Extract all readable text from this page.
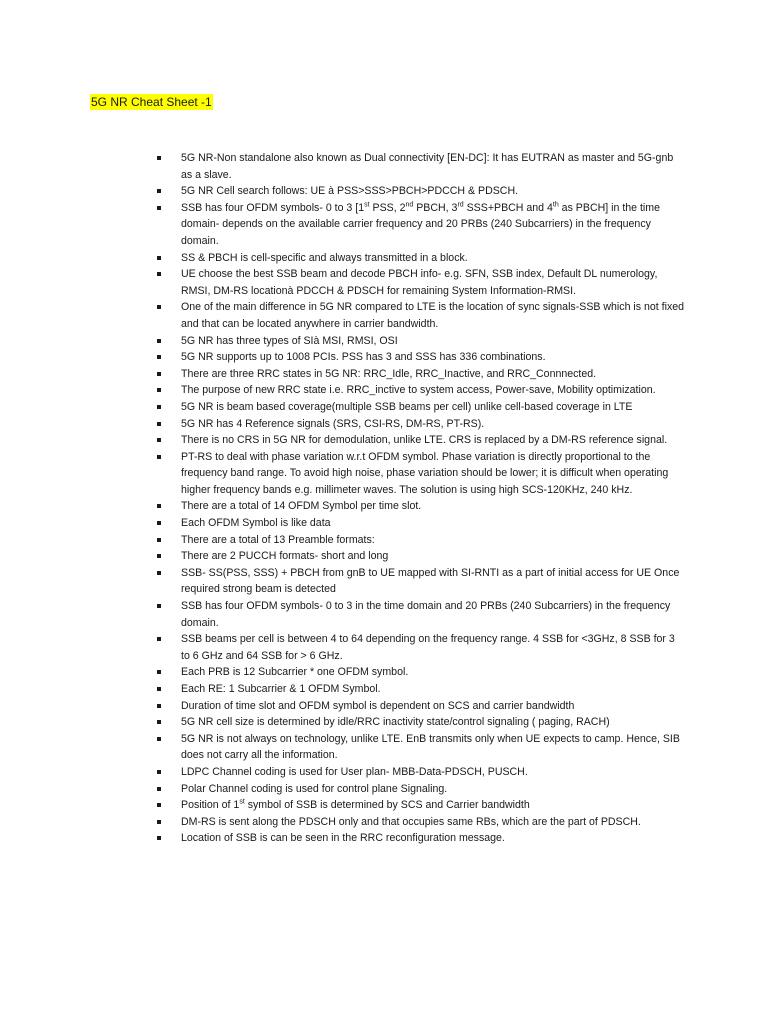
5G NR Cheat Sheet -1
5G NR-Non standalone also known as Dual connectivity [EN-DC]: It has EUTRAN as master and 5G-gnb as a slave.
5G NR Cell search follows: UE à PSS>SSS>PBCH>PDCCH & PDSCH.
SSB has four OFDM symbols- 0 to 3 [1st PSS, 2nd PBCH, 3rd SSS+PBCH and 4th as PBCH] in the time domain- depends on the available carrier frequency and 20 PRBs (240 Subcarriers) in the frequency domain.
SS & PBCH is cell-specific and always transmitted in a block.
UE choose the best SSB beam and decode PBCH info- e.g. SFN, SSB index, Default DL numerology, RMSI, DM-RS locationà PDCCH & PDSCH for remaining System Information-RMSI.
One of the main difference in 5G NR compared to LTE is the location of sync signals-SSB which is not fixed and that can be located anywhere in carrier bandwidth.
5G NR has three types of SIà MSI, RMSI, OSI
5G NR supports up to 1008 PCIs. PSS has 3 and SSS has 336 combinations.
There are three RRC states in 5G NR: RRC_Idle, RRC_Inactive, and RRC_Connnected.
The purpose of new RRC state i.e. RRC_inctive to system access, Power-save, Mobility optimization.
5G NR is beam based coverage(multiple SSB beams per cell) unlike cell-based coverage in LTE
5G NR has 4 Reference signals (SRS, CSI-RS, DM-RS, PT-RS).
There is no CRS in 5G NR for demodulation, unlike LTE. CRS is replaced by a DM-RS reference signal.
PT-RS to deal with phase variation w.r.t OFDM symbol. Phase variation is directly proportional to the frequency band range. To avoid high noise, phase variation should be lower; it is difficult when operating higher frequency bands e.g. millimeter waves. The solution is using high SCS-120KHz, 240 kHz.
There are a total of 14 OFDM Symbol per time slot.
Each OFDM Symbol is like data
There are a total of 13 Preamble formats:
There are 2 PUCCH formats- short and long
SSB- SS(PSS, SSS) + PBCH from gnB to UE mapped with SI-RNTI as a part of initial access for UE Once required strong beam is detected
SSB has four OFDM symbols- 0 to 3 in the time domain and 20 PRBs (240 Subcarriers) in the frequency domain.
SSB beams per cell is between 4 to 64 depending on the frequency range. 4 SSB for <3GHz, 8 SSB for 3 to 6 GHz and 64 SSB for > 6 GHz.
Each PRB is 12 Subcarrier * one OFDM symbol.
Each RE: 1 Subcarrier & 1 OFDM Symbol.
Duration of time slot and OFDM symbol is dependent on SCS and carrier bandwidth
5G NR cell size is determined by idle/RRC inactivity state/control signaling ( paging, RACH)
5G NR is not always on technology, unlike LTE. EnB transmits only when UE expects to camp. Hence, SIB does not carry all the information.
LDPC Channel coding is used for User plan- MBB-Data-PDSCH, PUSCH.
Polar Channel coding is used for control plane Signaling.
Position of 1st symbol of SSB is determined by SCS and Carrier bandwidth
DM-RS is sent along the PDSCH only and that occupies same RBs, which are the part of PDSCH.
Location of SSB is can be seen in the RRC reconfiguration message.
